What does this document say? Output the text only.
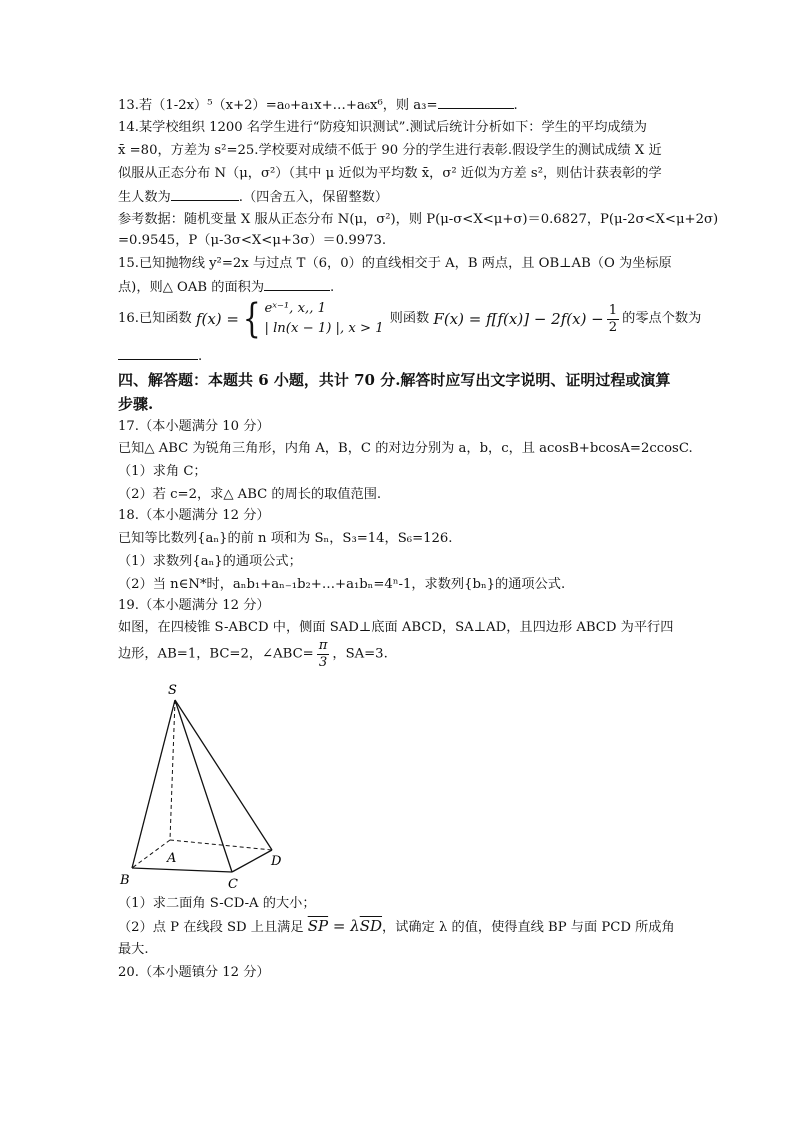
13.若（1-2x）⁵（x+2）=a₀+a₁x+…+a₆x⁶，则 a₃=	.
14.某学校组织 1200 名学生进行“防疫知识测试”.测试后统计分析如下：学生的平均成绩为
x̄ =80，方差为 s²=25.学校要对成绩不低于 90 分的学生进行表彰.假设学生的测试成绩 X 近
似服从正态分布 N（μ，σ²）（其中 μ 近似为平均数 x̄，σ² 近似为方差 s²，则估计获表彰的学
生人数为	.（四舍五入，保留整数）
参考数据：随机变量 X 服从正态分布 N(μ，σ²)，则 P(μ-σ<X<μ+σ)＝0.6827，P(μ-2σ<X<μ+2σ)
=0.9545，P（μ-3σ<X<μ+3σ）＝0.9973.
15.已知抛物线 y²=2x 与过点 T（6，0）的直线相交于 A，B 两点，且 OB⊥AB（O 为坐标原
点)，则△ OAB 的面积为	.
16.已知函数 f(x) ={ eˣ⁻¹, x,, 1
| ln(x − 1) |, x > 1
则函数 $F(x) = f[f(x)] - 2f(x) - \frac{1}{2}$ 的零点个数为
.
四、解答题：本题共 6 小题，共计 70 分.解答时应写出文字说明、证明过程或演算
步骤.
17.（本小题满分 10 分）
已知△ ABC 为锐角三角形，内角 A，B，C 的对边分别为 a，b，c，且 acosB+bcosA=2ccosC.
（1）求角 C；
（2）若 c=2，求△ ABC 的周长的取值范围.
18.（本小题满分 12 分）
已知等比数列{aₙ}的前 n 项和为 Sₙ，S₃=14，S₆=126.
（1）求数列{aₙ}的通项公式；
（2）当 n∈N*时，aₙb₁+aₙ₋₁b₂+…+a₁bₙ=4ⁿ-1，求数列{bₙ}的通项公式.
19.（本小题满分 12 分）
如图，在四棱锥 S-ABCD 中，侧面 SAD⊥底面 ABCD，SA⊥AD，且四边形 ABCD 为平行四
边形，AB=1，BC=2，∠ABC= $\frac{\pi}{3}$ ，SA=3.
S
A
B	C
D
（1）求二面角 S-CD-A 的大小；
（2）点 P 在线段 SD 上且满足 $\overline{SP} = \lambda\overline{SD}$，试确定 λ 的值，使得直线 BP 与面 PCD 所成角
最大.
20.（本小题镇分 12 分）
